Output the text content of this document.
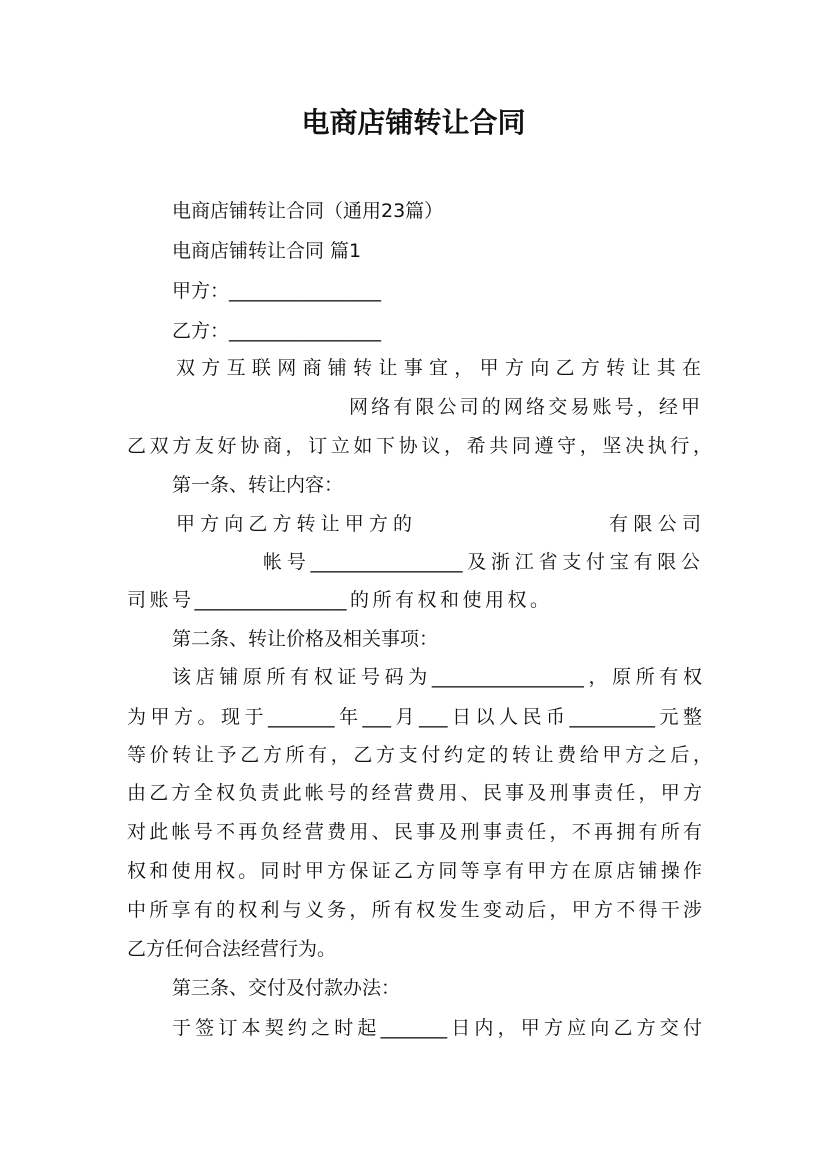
电商店铺转让合同
电商店铺转让合同（通用23篇）
电商店铺转让合同 篇1
甲方：________________
乙方：________________
双方互联网商铺转让事宜，甲方向乙方转让其在
网络有限公司的网络交易账号，经甲
乙双方友好协商，订立如下协议，希共同遵守，坚决执行，
第一条、转让内容：
甲方向乙方转让甲方的	有限公司
帐号________________及浙江省支付宝有限公
司账号________________的所有权和使用权。
第二条、转让价格及相关事项：
该店铺原所有权证号码为________________，原所有权
为甲方。现于_______年___月___日以人民币_________元整
等价转让予乙方所有，乙方支付约定的转让费给甲方之后，
由乙方全权负责此帐号的经营费用、民事及刑事责任，甲方
对此帐号不再负经营费用、民事及刑事责任，不再拥有所有
权和使用权。同时甲方保证乙方同等享有甲方在原店铺操作
中所享有的权利与义务，所有权发生变动后，甲方不得干涉
乙方任何合法经营行为。
第三条、交付及付款办法：
于签订本契约之时起_______日内，甲方应向乙方交付
